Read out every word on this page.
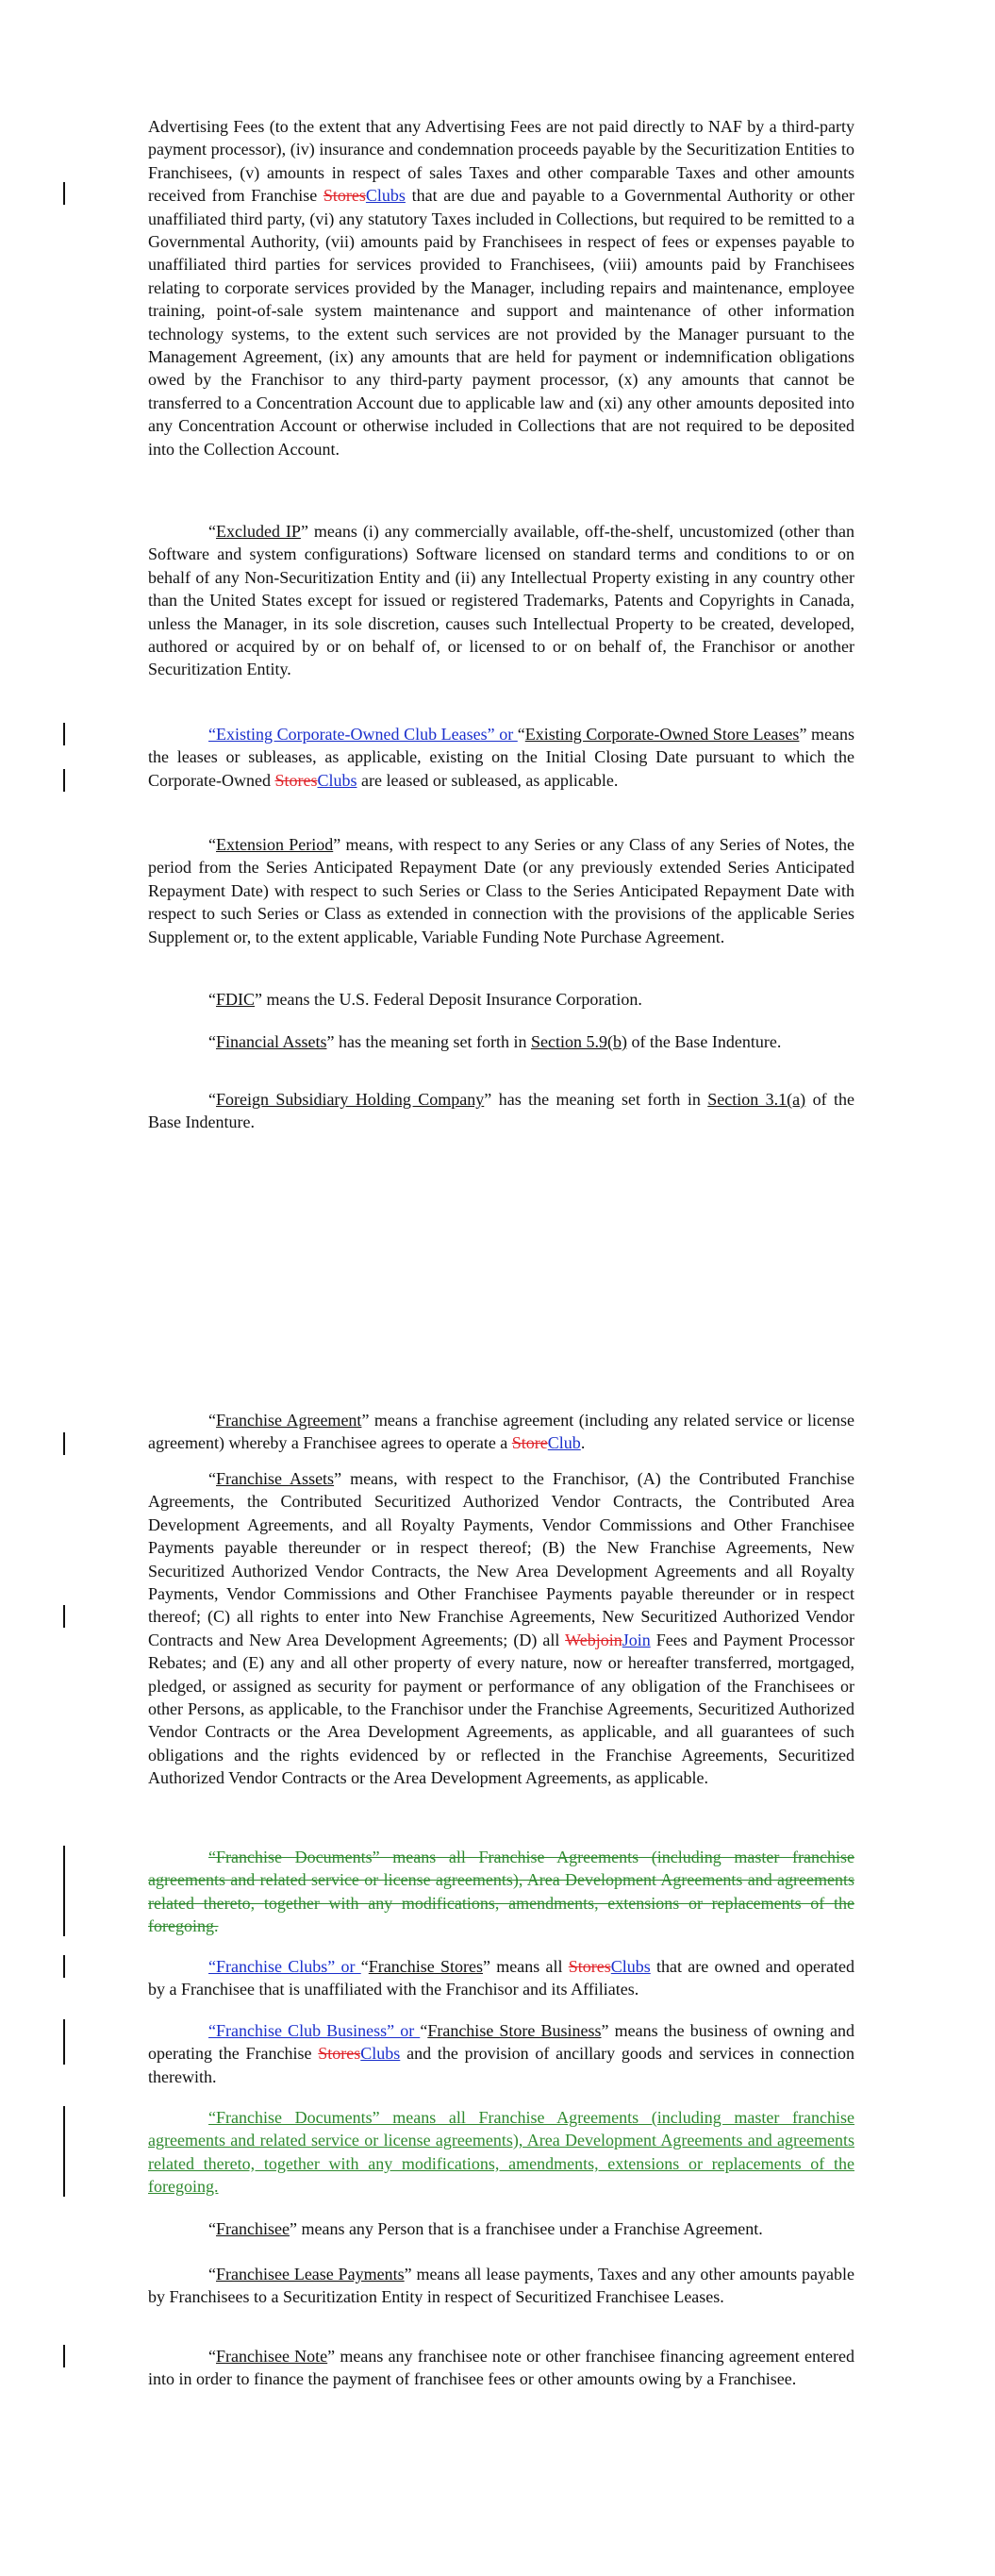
Advertising Fees (to the extent that any Advertising Fees are not paid directly to NAF by a third-party payment processor), (iv) insurance and condemnation proceeds payable by the Securitization Entities to Franchisees, (v) amounts in respect of sales Taxes and other comparable Taxes and other amounts received from Franchise StoresClubs that are due and payable to a Governmental Authority or other unaffiliated third party, (vi) any statutory Taxes included in Collections, but required to be remitted to a Governmental Authority, (vii) amounts paid by Franchisees in respect of fees or expenses payable to unaffiliated third parties for services provided to Franchisees, (viii) amounts paid by Franchisees relating to corporate services provided by the Manager, including repairs and maintenance, employee training, point-of-sale system maintenance and support and maintenance of other information technology systems, to the extent such services are not provided by the Manager pursuant to the Management Agreement, (ix) any amounts that are held for payment or indemnification obligations owed by the Franchisor to any third-party payment processor, (x) any amounts that cannot be transferred to a Concentration Account due to applicable law and (xi) any other amounts deposited into any Concentration Account or otherwise included in Collections that are not required to be deposited into the Collection Account.

“Excluded IP” means (i) any commercially available, off-the-shelf, uncustomized (other than Software and system configurations) Software licensed on standard terms and conditions to or on behalf of any Non-Securitization Entity and (ii) any Intellectual Property existing in any country other than the United States except for issued or registered Trademarks, Patents and Copyrights in Canada, unless the Manager, in its sole discretion, causes such Intellectual Property to be created, developed, authored or acquired by or on behalf of, or licensed to or on behalf of, the Franchisor or another Securitization Entity.

“Existing Corporate-Owned Club Leases” or “Existing Corporate-Owned Store Leases” means the leases or subleases, as applicable, existing on the Initial Closing Date pursuant to which the Corporate-Owned StoresClubs are leased or subleased, as applicable.

“Extension Period” means, with respect to any Series or any Class of any Series of Notes, the period from the Series Anticipated Repayment Date (or any previously extended Series Anticipated Repayment Date) with respect to such Series or Class to the Series Anticipated Repayment Date with respect to such Series or Class as extended in connection with the provisions of the applicable Series Supplement or, to the extent applicable, Variable Funding Note Purchase Agreement.

“FDIC” means the U.S. Federal Deposit Insurance Corporation.

“Financial Assets” has the meaning set forth in Section 5.9(b) of the Base Indenture.

“Foreign Subsidiary Holding Company” has the meaning set forth in Section 3.1(a) of the Base Indenture.

“Franchise Agreement” means a franchise agreement (including any related service or license agreement) whereby a Franchisee agrees to operate a StoreClub.

“Franchise Assets” means, with respect to the Franchisor, (A) the Contributed Franchise Agreements, the Contributed Securitized Authorized Vendor Contracts, the Contributed Area Development Agreements, and all Royalty Payments, Vendor Commissions and Other Franchisee Payments payable thereunder or in respect thereof; (B) the New Franchise Agreements, New Securitized Authorized Vendor Contracts, the New Area Development Agreements and all Royalty Payments, Vendor Commissions and Other Franchisee Payments payable thereunder or in respect thereof; (C) all rights to enter into New Franchise Agreements, New Securitized Authorized Vendor Contracts and New Area Development Agreements; (D) all WebjoinJoin Fees and Payment Processor Rebates; and (E) any and all other property of every nature, now or hereafter transferred, mortgaged, pledged, or assigned as security for payment or performance of any obligation of the Franchisees or other Persons, as applicable, to the Franchisor under the Franchise Agreements, Securitized Authorized Vendor Contracts or the Area Development Agreements, as applicable, and all guarantees of such obligations and the rights evidenced by or reflected in the Franchise Agreements, Securitized Authorized Vendor Contracts or the Area Development Agreements, as applicable.

“Franchise Documents” means all Franchise Agreements (including master franchise agreements and related service or license agreements), Area Development Agreements and agreements related thereto, together with any modifications, amendments, extensions or replacements of the foregoing.

“Franchise Clubs” or “Franchise Stores” means all StoresClubs that are owned and operated by a Franchisee that is unaffiliated with the Franchisor and its Affiliates.

“Franchise Club Business” or “Franchise Store Business” means the business of owning and operating the Franchise StoresClubs and the provision of ancillary goods and services in connection therewith.

“Franchise Documents” means all Franchise Agreements (including master franchise agreements and related service or license agreements), Area Development Agreements and agreements related thereto, together with any modifications, amendments, extensions or replacements of the foregoing.

“Franchisee” means any Person that is a franchisee under a Franchise Agreement.

“Franchisee Lease Payments” means all lease payments, Taxes and any other amounts payable by Franchisees to a Securitization Entity in respect of Securitized Franchisee Leases.

“Franchisee Note” means any franchisee note or other franchisee financing agreement entered into in order to finance the payment of franchisee fees or other amounts owing by a Franchisee.
